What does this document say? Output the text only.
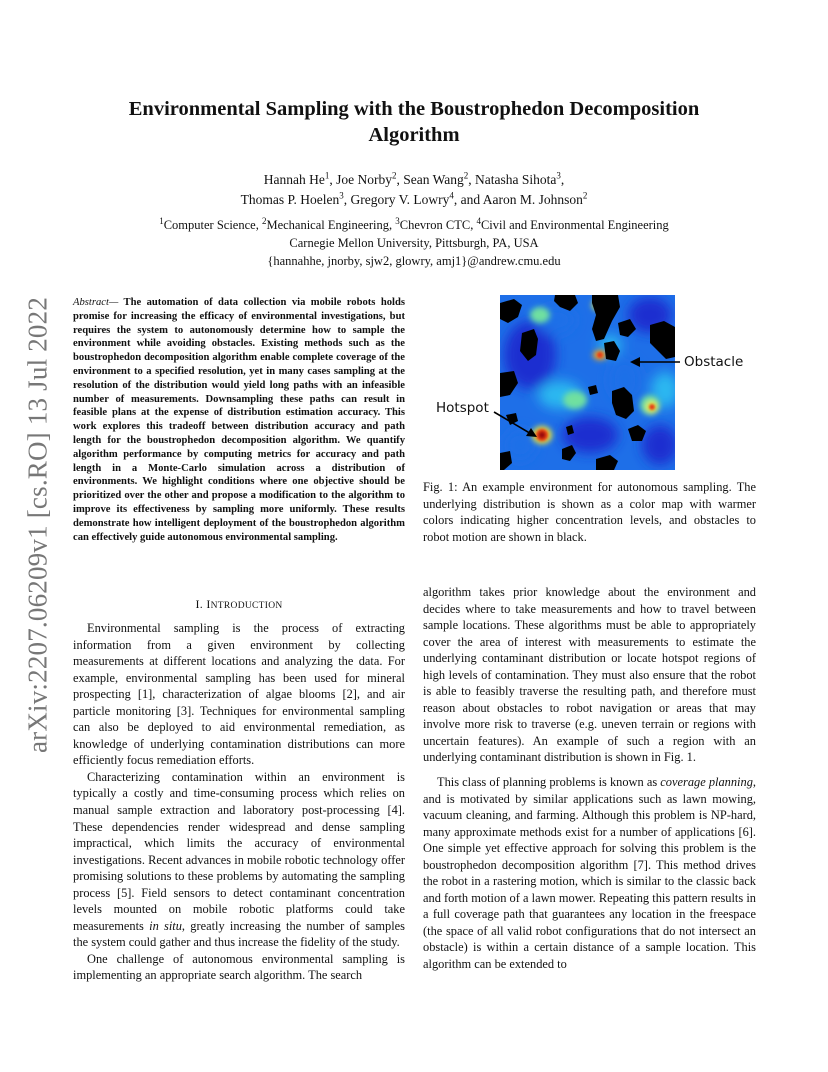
arXiv:2207.06209v1 [cs.RO] 13 Jul 2022
Environmental Sampling with the Boustrophedon Decomposition Algorithm
Hannah He$^1$, Joe Norby$^2$, Sean Wang$^2$, Natasha Sihota$^3$,
Thomas P. Hoelen$^3$, Gregory V. Lowry$^4$, and Aaron M. Johnson$^2$
$^1$Computer Science, $^2$Mechanical Engineering, $^3$Chevron CTC, $^4$Civil and Environmental Engineering
Carnegie Mellon University, Pittsburgh, PA, USA
{hannahhe, jnorby, sjw2, glowry, amj1}@andrew.cmu.edu
Abstract— The automation of data collection via mobile robots holds promise for increasing the efficacy of environmental investigations, but requires the system to autonomously determine how to sample the environment while avoiding obstacles. Existing methods such as the boustrophedon decomposition algorithm enable complete coverage of the environment to a specified resolution, yet in many cases sampling at the resolution of the distribution would yield long paths with an infeasible number of measurements. Downsampling these paths can result in feasible plans at the expense of distribution estimation accuracy. This work explores this tradeoff between distribution accuracy and path length for the boustrophedon decomposition algorithm. We quantify algorithm performance by computing metrics for accuracy and path length in a Monte-Carlo simulation across a distribution of environments. We highlight conditions where one objective should be prioritized over the other and propose a modification to the algorithm to improve its effectiveness by sampling more uniformly. These results demonstrate how intelligent deployment of the boustrophedon algorithm can effectively guide autonomous environmental sampling.
I. INTRODUCTION

Environmental sampling is the process of extracting information from a given environment by collecting measurements at different locations and analyzing the data. For example, environmental sampling has been used for mineral prospecting [1], characterization of algae blooms [2], and air particle monitoring [3]. Techniques for environmental sampling can also be deployed to aid environmental remediation, as knowledge of underlying contamination distributions can more efficiently focus remediation efforts.

Characterizing contamination within an environment is typically a costly and time-consuming process which relies on manual sample extraction and laboratory post-processing [4]. These dependencies render widespread and dense sampling impractical, which limits the accuracy of environmental investigations. Recent advances in mobile robotic technology offer promising solutions to these problems by automating the sampling process [5]. Field sensors to detect contaminant concentration levels mounted on mobile robotic platforms could take measurements in situ, greatly increasing the number of samples the system could gather and thus increase the fidelity of the study.

One challenge of autonomous environmental sampling is implementing an appropriate search algorithm. The search

Obstacle
Hotspot
Fig. 1: An example environment for autonomous sampling. The underlying distribution is shown as a color map with warmer colors indicating higher concentration levels, and obstacles to robot motion are shown in black.

algorithm takes prior knowledge about the environment and decides where to take measurements and how to travel between sample locations. These algorithms must be able to appropriately cover the area of interest with measurements to estimate the underlying contaminant distribution or locate hotspot regions of high levels of contamination. They must also ensure that the robot is able to feasibly traverse the resulting path, and therefore must reason about obstacles to robot navigation or areas that may involve more risk to traverse (e.g. uneven terrain or regions with uncertain features). An example of such a region with an underlying contaminant distribution is shown in Fig. 1.

This class of planning problems is known as coverage planning, and is motivated by similar applications such as lawn mowing, vacuum cleaning, and farming. Although this problem is NP-hard, many approximate methods exist for a number of applications [6]. One simple yet effective approach for solving this problem is the boustrophedon decomposition algorithm [7]. This method drives the robot in a rastering motion, which is similar to the classic back and forth motion of a lawn mower. Repeating this pattern results in a full coverage path that guarantees any location in the freespace (the space of all valid robot configurations that do not intersect an obstacle) is within a certain distance of a sample location. This algorithm can be extended to
